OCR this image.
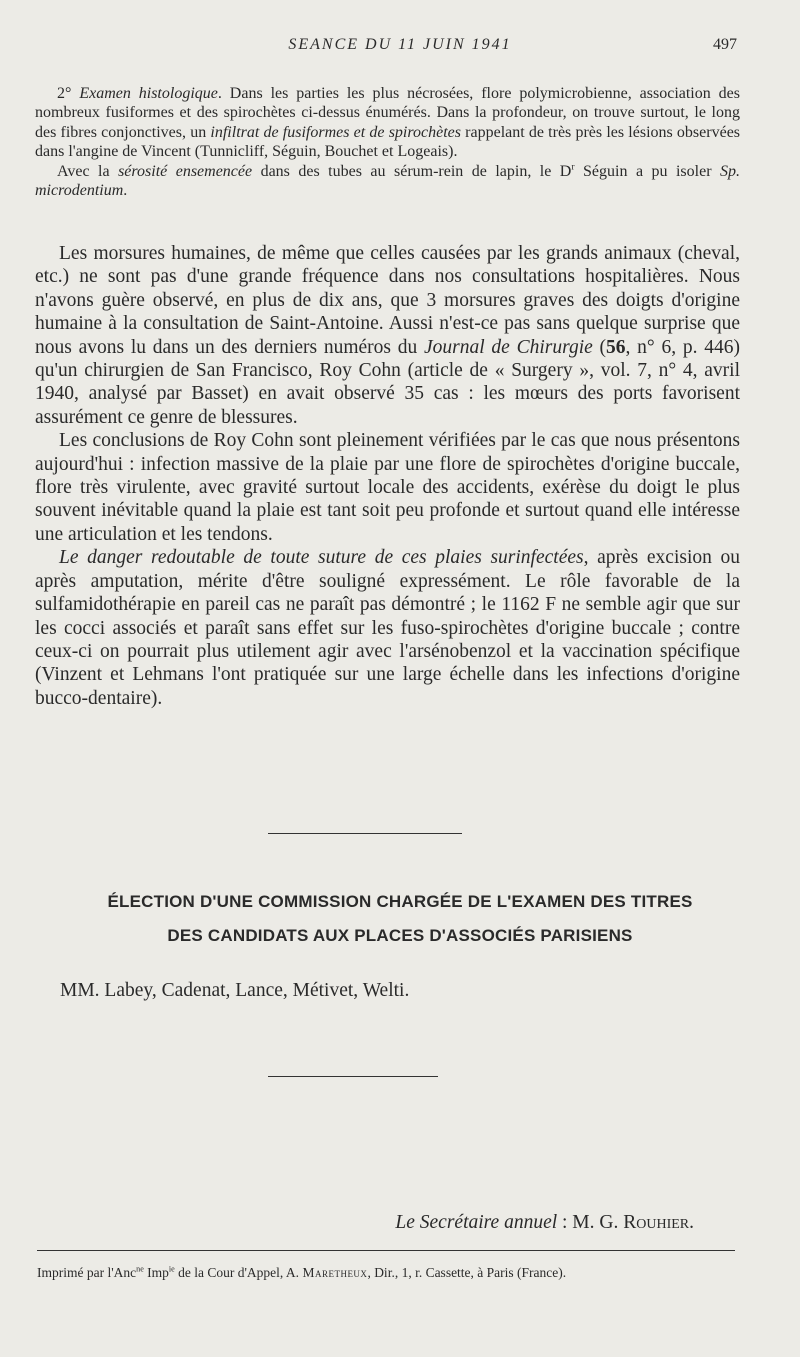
SEANCE DU 11 JUIN 1941	497

2° Examen histologique. Dans les parties les plus nécrosées, flore polymicrobienne, association des nombreux fusiformes et des spirochètes ci-dessus énumérés. Dans la profondeur, on trouve surtout, le long des fibres conjonctives, un infiltrat de fusiformes et de spirochètes rappelant de très près les lésions observées dans l'angine de Vincent (Tunnicliff, Séguin, Bouchet et Logeais).

Avec la sérosité ensemencée dans des tubes au sérum-rein de lapin, le $D^r$ Séguin a pu isoler Sp. microdentium.

Les morsures humaines, de même que celles causées par les grands animaux (cheval, etc.) ne sont pas d'une grande fréquence dans nos consultations hospitalières. Nous n'avons guère observé, en plus de dix ans, que 3 morsures graves des doigts d'origine humaine à la consultation de Saint-Antoine. Aussi n'est-ce pas sans quelque surprise que nous avons lu dans un des derniers numéros du Journal de Chirurgie (56, n° 6, p. 446) qu'un chirurgien de San Francisco, Roy Cohn (article de « Surgery », vol. 7, n° 4, avril 1940, analysé par Basset) en avait observé 35 cas : les mœurs des ports favorisent assurément ce genre de blessures.

Les conclusions de Roy Cohn sont pleinement vérifiées par le cas que nous présentons aujourd'hui : infection massive de la plaie par une flore de spirochètes d'origine buccale, flore très virulente, avec gravité surtout locale des accidents, exérèse du doigt le plus souvent inévitable quand la plaie est tant soit peu profonde et surtout quand elle intéresse une articulation et les tendons.

Le danger redoutable de toute suture de ces plaies surinfectées, après excision ou après amputation, mérite d'être souligné expressément. Le rôle favorable de la sulfamidothérapie en pareil cas ne paraît pas démontré ; le 1162 F ne semble agir que sur les cocci associés et paraît sans effet sur les fuso-spirochètes d'origine buccale ; contre ceux-ci on pourrait plus utilement agir avec l'arsénobenzol et la vaccination spécifique (Vinzent et Lehmans l'ont pratiquée sur une large échelle dans les infections d'origine bucco-dentaire).

ÉLECTION D'UNE COMMISSION CHARGÉE DE L'EXAMEN DES TITRES
DES CANDIDATS AUX PLACES D'ASSOCIÉS PARISIENS
MM. Labey, Cadenat, Lance, Métivet, Welti.
Le Secrétaire annuel : M. G. Rouhier.
Imprimé par l'Anc$^{ne}$ Imp$^{ie}$ de la Cour d'Appel, A. Maretheux, Dir., 1, r. Cassette, à Paris (France).
